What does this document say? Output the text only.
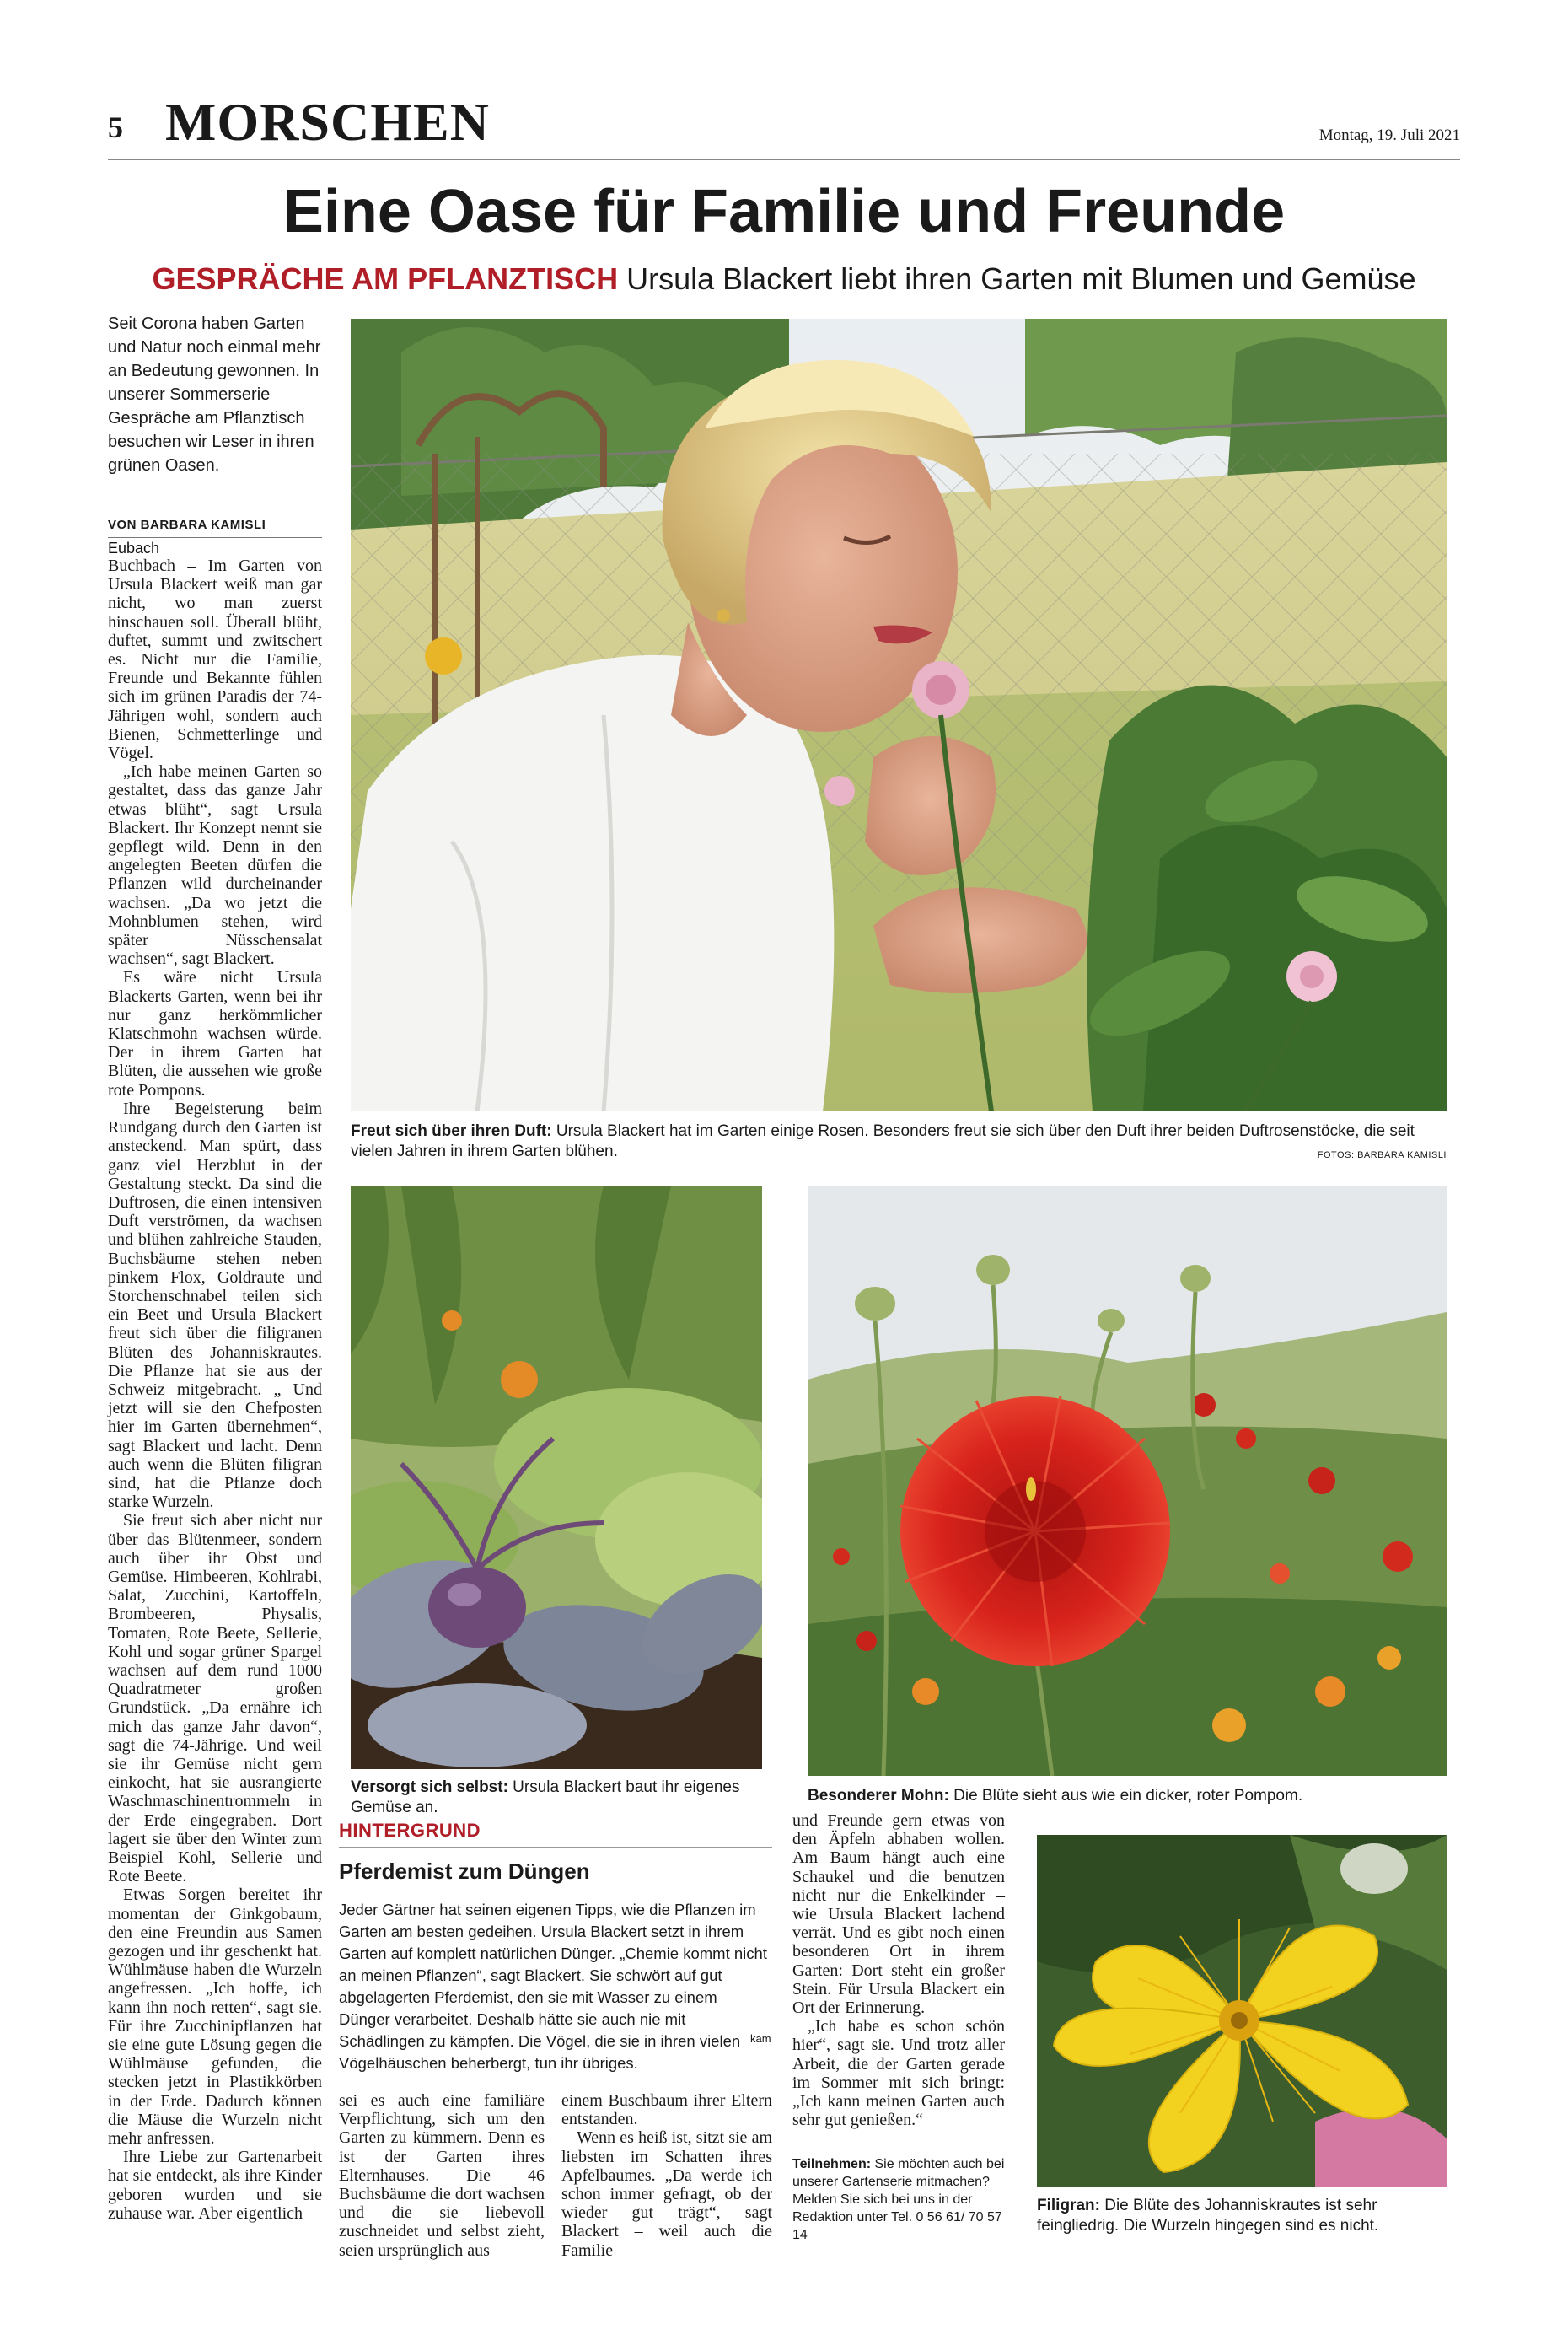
5 MORSCHEN	Montag, 19. Juli 2021
Eine Oase für Familie und Freunde
GESPRÄCHE AM PFLANZTISCH Ursula Blackert liebt ihren Garten mit Blumen und Gemüse
Seit Corona haben Garten und Natur noch einmal mehr an Bedeutung gewonnen. In unserer Sommerserie Gespräche am Pflanztisch besuchen wir Leser in ihren grünen Oasen.
VON BARBARA KAMISLI
Eubach

Buchbach – Im Garten von Ursula Blackert weiß man gar nicht, wo man zuerst hinschauen soll. Überall blüht, duftet, summt und zwitschert es. Nicht nur die Familie, Freunde und Bekannte fühlen sich im grünen Paradis der 74-Jährigen wohl, sondern auch Bienen, Schmetterlinge und Vögel.

„Ich habe meinen Garten so gestaltet, dass das ganze Jahr etwas blüht“, sagt Ursula Blackert. Ihr Konzept nennt sie gepflegt wild. Denn in den angelegten Beeten dürfen die Pflanzen wild durcheinander wachsen. „Da wo jetzt die Mohnblumen stehen, wird später Nüsschensalat wachsen“, sagt Blackert.

Es wäre nicht Ursula Blackerts Garten, wenn bei ihr nur ganz herkömmlicher Klatschmohn wachsen würde. Der in ihrem Garten hat Blüten, die aussehen wie große rote Pompons.

Ihre Begeisterung beim Rundgang durch den Garten ist ansteckend. Man spürt, dass ganz viel Herzblut in der Gestaltung steckt. Da sind die Duftrosen, die einen intensiven Duft verströmen, da wachsen und blühen zahlreiche Stauden, Buchsbäume stehen neben pinkem Flox, Goldraute und Storchenschnabel teilen sich ein Beet und Ursula Blackert freut sich über die filigranen Blüten des Johanniskrautes. Die Pflanze hat sie aus der Schweiz mitgebracht. „ Und jetzt will sie den Chefposten hier im Garten übernehmen“, sagt Blackert und lacht. Denn auch wenn die Blüten filigran sind, hat die Pflanze doch starke Wurzeln.

Sie freut sich aber nicht nur über das Blütenmeer, sondern auch über ihr Obst und Gemüse. Himbeeren, Kohlrabi, Salat, Zucchini, Kartoffeln, Brombeeren, Physalis, Tomaten, Rote Beete, Sellerie, Kohl und sogar grüner Spargel wachsen auf dem rund 1000 Quadratmeter großen Grundstück. „Da ernähre ich mich das ganze Jahr davon“, sagt die 74-Jährige. Und weil sie ihr Gemüse nicht gern einkocht, hat sie ausrangierte Waschmaschinentrommeln in der Erde eingegraben. Dort lagert sie über den Winter zum Beispiel Kohl, Sellerie und Rote Beete.

Etwas Sorgen bereitet ihr momentan der Ginkgobaum, den eine Freundin aus Samen gezogen und ihr geschenkt hat. Wühlmäuse haben die Wurzeln angefressen. „Ich hoffe, ich kann ihn noch retten“, sagt sie. Für ihre Zucchinipflanzen hat sie eine gute Lösung gegen die Wühlmäuse gefunden, die stecken jetzt in Plastikkörben in der Erde. Dadurch können die Mäuse die Wurzeln nicht mehr anfressen.

Ihre Liebe zur Gartenarbeit hat sie entdeckt, als ihre Kinder geboren wurden und sie zuhause war. Aber eigentlich

sei es auch eine familiäre Verpflichtung, sich um den Garten zu kümmern. Denn es ist der Garten ihres Elternhauses. Die 46 Buchsbäume die dort wachsen und die sie liebevoll zuschneidet und selbst zieht, seien ursprünglich aus

einem Buschbaum ihrer Eltern entstanden.

Wenn es heiß ist, sitzt sie am liebsten im Schatten ihres Apfelbaumes. „Da werde ich schon immer gefragt, ob der wieder gut trägt“, sagt Blackert – weil auch die Familie

und Freunde gern etwas von den Äpfeln abhaben wollen. Am Baum hängt auch eine Schaukel und die benutzen nicht nur die Enkelkinder – wie Ursula Blackert lachend verrät. Und es gibt noch einen besonderen Ort in ihrem Garten: Dort steht ein großer Stein. Für Ursula Blackert ein Ort der Erinnerung.

„Ich habe es schon schön hier“, sagt sie. Und trotz aller Arbeit, die der Garten gerade im Sommer mit sich bringt: „Ich kann meinen Garten auch sehr gut genießen.“

Freut sich über ihren Duft: Ursula Blackert hat im Garten einige Rosen. Besonders freut sie sich über den Duft ihrer beiden Duftrosenstöcke, die seit vielen Jahren in ihrem Garten blühen.	FOTOS: BARBARA KAMISLI
Versorgt sich selbst: Ursula Blackert baut ihr eigenes Gemüse an.
Besonderer Mohn: Die Blüte sieht aus wie ein dicker, roter Pompom.
HINTERGRUND
Pferdemist zum Düngen
Jeder Gärtner hat seinen eigenen Tipps, wie die Pflanzen im Garten am besten gedeihen. Ursula Blackert setzt in ihrem Garten auf komplett natürlichen Dünger. „Chemie kommt nicht an meinen Pflanzen“, sagt Blackert. Sie schwört auf gut abgelagerten Pferdemist, den sie mit Wasser zu einem Dünger verarbeitet. Deshalb hätte sie auch nie mit Schädlingen zu kämpfen. Die Vögel, die sie in ihren vielen Vögelhäuschen beherbergt, tun ihr übriges.
kam
Filigran: Die Blüte des Johanniskrautes ist sehr feingliedrig. Die Wurzeln hingegen sind es nicht.
Teilnehmen: Sie möchten auch bei unserer Gartenserie mitmachen? Melden Sie sich bei uns in der Redaktion unter Tel. 0 56 61/ 70 57 14
